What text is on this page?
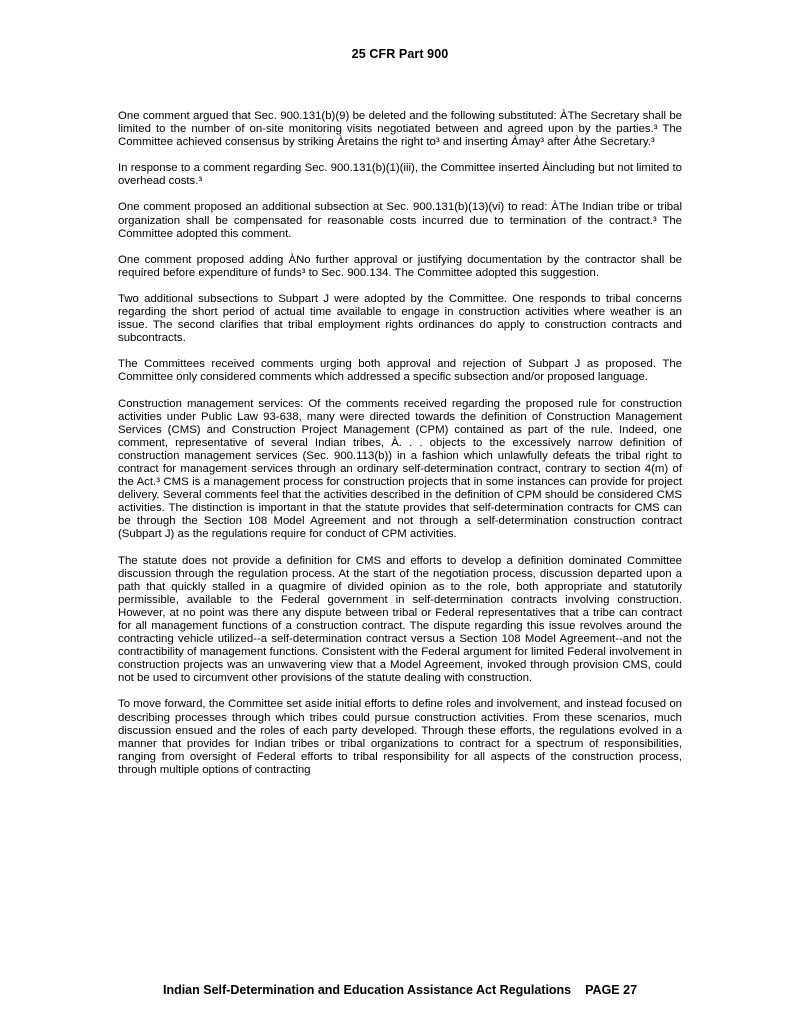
25 CFR Part 900

One comment argued that Sec. 900.131(b)(9) be deleted and the following substituted: ÀThe Secretary shall be limited to the number of on-site monitoring visits negotiated between and agreed upon by the parties.³ The Committee achieved consensus by striking Àretains the right to³ and inserting Àmay³ after Àthe Secretary.³

In response to a comment regarding Sec. 900.131(b)(1)(iii), the Committee inserted Àincluding but not limited to overhead costs.³

One comment proposed an additional subsection at Sec. 900.131(b)(13)(vi) to read: ÀThe Indian tribe or tribal organization shall be compensated for reasonable costs incurred due to termination of the contract.³ The Committee adopted this comment.

One comment proposed adding ÀNo further approval or justifying documentation by the contractor shall be required before expenditure of funds³ to Sec. 900.134. The Committee adopted this suggestion.

Two additional subsections to Subpart J were adopted by the Committee. One responds to tribal concerns regarding the short period of actual time available to engage in construction activities where weather is an issue. The second clarifies that tribal employment rights ordinances do apply to construction contracts and subcontracts.

The Committees received comments urging both approval and rejection of Subpart J as proposed. The Committee only considered comments which addressed a specific subsection and/or proposed language.

Construction management services: Of the comments received regarding the proposed rule for construction activities under Public Law 93-638, many were directed towards the definition of Construction Management Services (CMS) and Construction Project Management (CPM) contained as part of the rule. Indeed, one comment, representative of several Indian tribes, À. . . objects to the excessively narrow definition of construction management services (Sec. 900.113(b)) in a fashion which unlawfully defeats the tribal right to contract for management services through an ordinary self-determination contract, contrary to section 4(m) of the Act.³ CMS is a management process for construction projects that in some instances can provide for project delivery. Several comments feel that the activities described in the definition of CPM should be considered CMS activities. The distinction is important in that the statute provides that self-determination contracts for CMS can be through the Section 108 Model Agreement and not through a self-determination construction contract (Subpart J) as the regulations require for conduct of CPM activities.

The statute does not provide a definition for CMS and efforts to develop a definition dominated Committee discussion through the regulation process. At the start of the negotiation process, discussion departed upon a path that quickly stalled in a quagmire of divided opinion as to the role, both appropriate and statutorily permissible, available to the Federal government in self-determination contracts involving construction. However, at no point was there any dispute between tribal or Federal representatives that a tribe can contract for all management functions of a construction contract. The dispute regarding this issue revolves around the contracting vehicle utilized--a self-determination contract versus a Section 108 Model Agreement--and not the contractibility of management functions. Consistent with the Federal argument for limited Federal involvement in construction projects was an unwavering view that a Model Agreement, invoked through provision CMS, could not be used to circumvent other provisions of the statute dealing with construction.

To move forward, the Committee set aside initial efforts to define roles and involvement, and instead focused on describing processes through which tribes could pursue construction activities. From these scenarios, much discussion ensued and the roles of each party developed. Through these efforts, the regulations evolved in a manner that provides for Indian tribes or tribal organizations to contract for a spectrum of responsibilities, ranging from oversight of Federal efforts to tribal responsibility for all aspects of the construction process, through multiple options of contracting

Indian Self-Determination and Education Assistance Act Regulations PAGE 27
